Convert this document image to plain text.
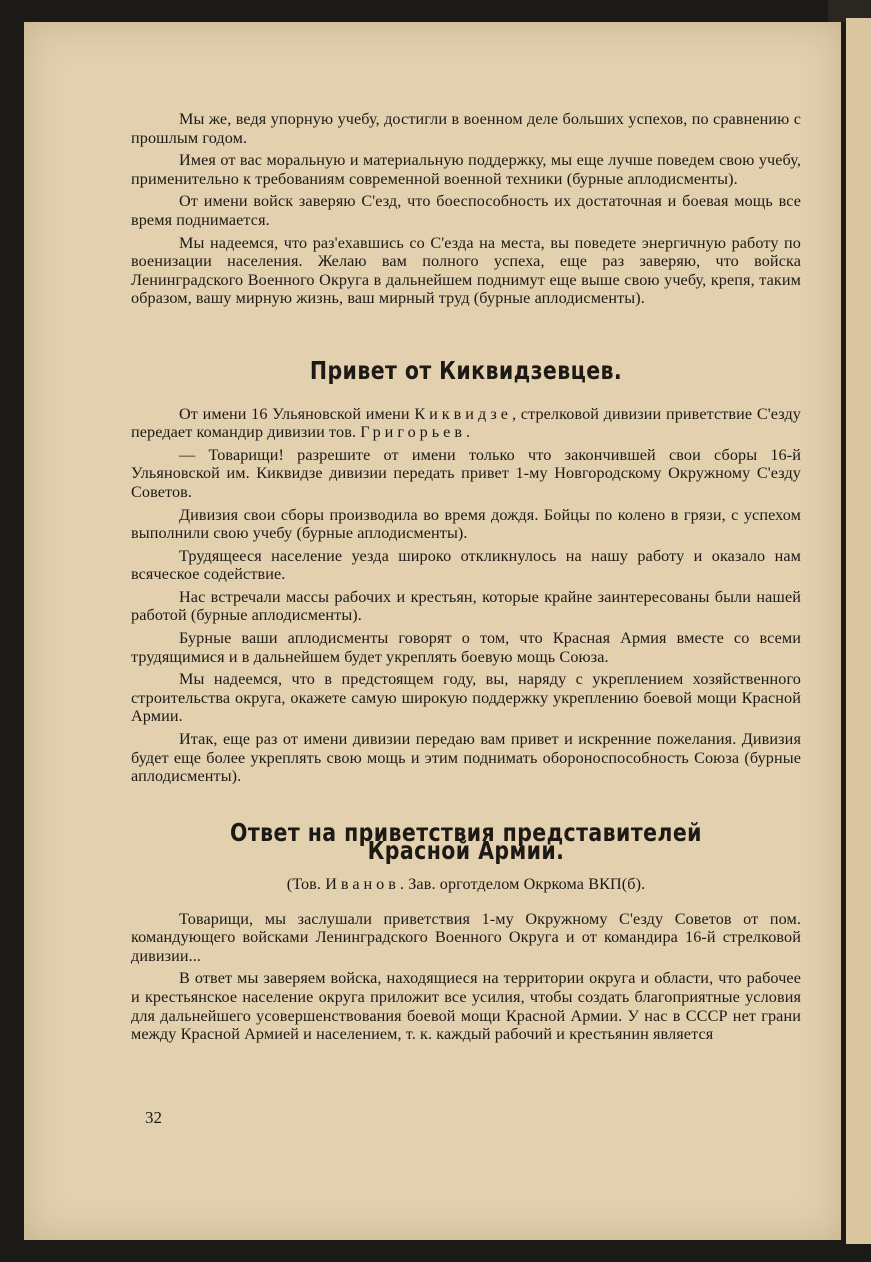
Мы же, ведя упорную учебу, достигли в военном деле больших успехов, по сравнению с прошлым годом.

Имея от вас моральную и материальную поддержку, мы еще лучше поведем свою учебу, применительно к требованиям современной военной техники (бурные аплодисменты).

От имени войск заверяю С'езд, что боеспособность их достаточная и боевая мощь все время поднимается.

Мы надеемся, что раз'ехавшись со С'езда на места, вы поведете энергичную работу по военизации населения. Желаю вам полного успеха, еще раз заверяю, что войска Ленинградского Военного Округа в дальнейшем поднимут еще выше свою учебу, крепя, таким образом, вашу мирную жизнь, ваш мирный труд (бурные аплодисменты).

Привет от Киквидзевцев.

От имени 16 Ульяновской имени Киквидзе, стрелковой дивизии приветствие С'езду передает командир дивизии тов. Григорьев.

— Товарищи! разрешите от имени только что закончившей свои сборы 16-й Ульяновской им. Киквидзе дивизии передать привет 1-му Новгородскому Окружному С'езду Советов.

Дивизия свои сборы производила во время дождя. Бойцы по колено в грязи, с успехом выполнили свою учебу (бурные аплодисменты).

Трудящееся население уезда широко откликнулось на нашу работу и оказало нам всяческое содействие.

Нас встречали массы рабочих и крестьян, которые крайне заинтересованы были нашей работой (бурные аплодисменты).

Бурные ваши аплодисменты говорят о том, что Красная Армия вместе со всеми трудящимися и в дальнейшем будет укреплять боевую мощь Союза.

Мы надеемся, что в предстоящем году, вы, наряду с укреплением хозяйственного строительства округа, окажете самую широкую поддержку укреплению боевой мощи Красной Армии.

Итак, еще раз от имени дивизии передаю вам привет и искренние пожелания. Дивизия будет еще более укреплять свою мощь и этим поднимать обороноспособность Союза (бурные аплодисменты).

Ответ на приветствия представителей Красной Армии.

(Тов. Иванов. Зав. орготделом Окркома ВКП(б).

Товарищи, мы заслушали приветствия 1-му Окружному С'езду Советов от пом. командующего войсками Ленинградского Военного Округа и от командира 16-й стрелковой дивизии...

В ответ мы заверяем войска, находящиеся на территории округа и области, что рабочее и крестьянское население округа приложит все усилия, чтобы создать благоприятные условия для дальнейшего усовершенствования боевой мощи Красной Армии. У нас в СССР нет грани между Красной Армией и населением, т. к. каждый рабочий и крестьянин является

32
